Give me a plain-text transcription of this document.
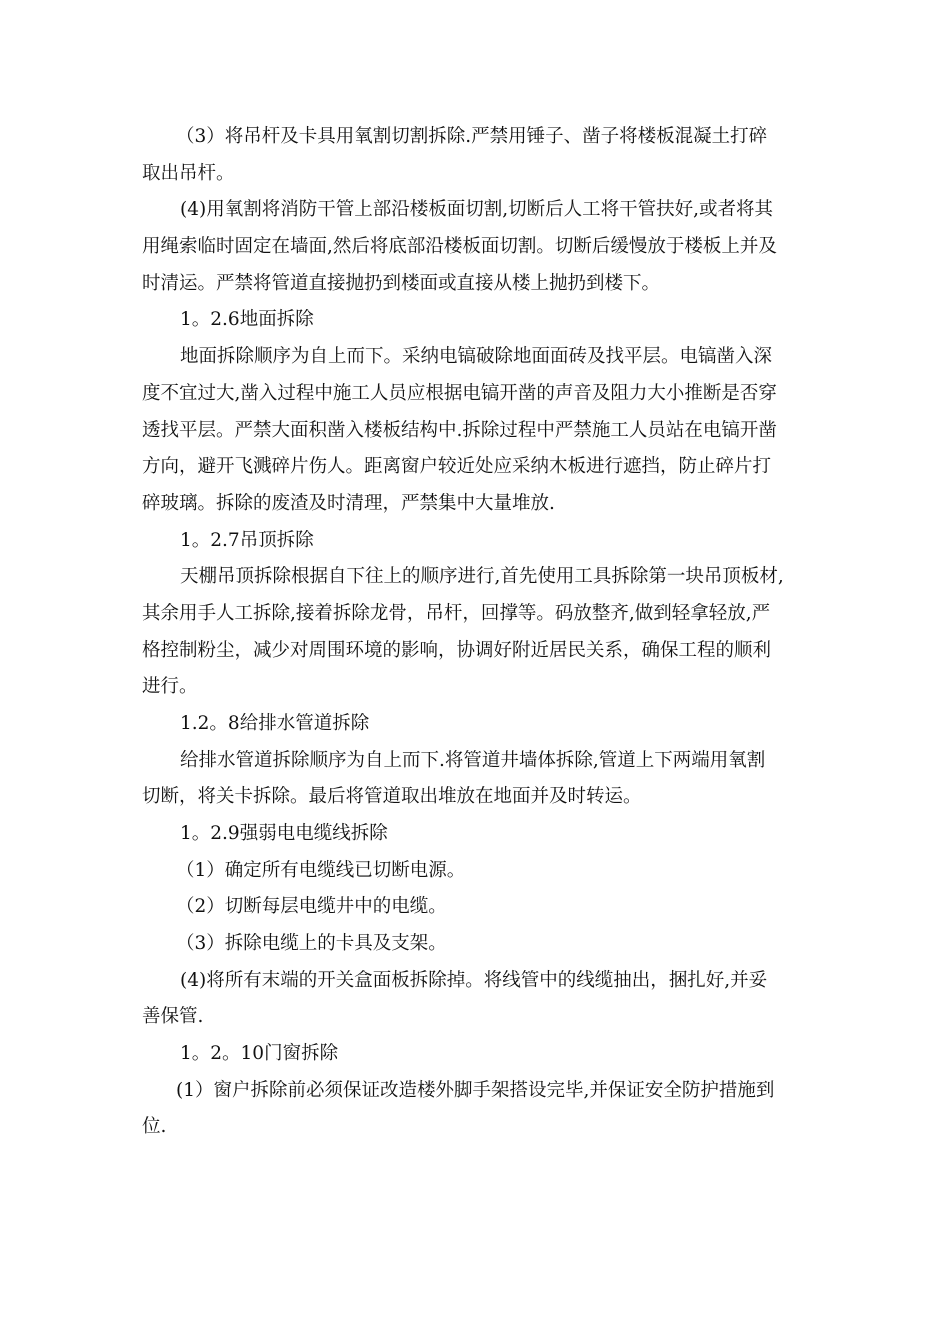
（3）将吊杆及卡具用氧割切割拆除.严禁用锤子、凿子将楼板混凝土打碎
取出吊杆。
(4)用氧割将消防干管上部沿楼板面切割,切断后人工将干管扶好,或者将其
用绳索临时固定在墙面,然后将底部沿楼板面切割。切断后缓慢放于楼板上并及
时清运。严禁将管道直接抛扔到楼面或直接从楼上抛扔到楼下。
1。2.6地面拆除
地面拆除顺序为自上而下。采纳电镐破除地面面砖及找平层。电镐凿入深
度不宜过大,凿入过程中施工人员应根据电镐开凿的声音及阻力大小推断是否穿
透找平层。严禁大面积凿入楼板结构中.拆除过程中严禁施工人员站在电镐开凿
方向，避开飞溅碎片伤人。距离窗户较近处应采纳木板进行遮挡，防止碎片打
碎玻璃。拆除的废渣及时清理，严禁集中大量堆放.
1。2.7吊顶拆除
天棚吊顶拆除根据自下往上的顺序进行,首先使用工具拆除第一块吊顶板材,
其余用手人工拆除,接着拆除龙骨，吊杆，回撑等。码放整齐,做到轻拿轻放,严
格控制粉尘，减少对周围环境的影响，协调好附近居民关系，确保工程的顺利
进行。
1.2。8给排水管道拆除
给排水管道拆除顺序为自上而下.将管道井墙体拆除,管道上下两端用氧割
切断，将关卡拆除。最后将管道取出堆放在地面并及时转运。
1。2.9强弱电电缆线拆除
（1）确定所有电缆线已切断电源。
（2）切断每层电缆井中的电缆。
（3）拆除电缆上的卡具及支架。
(4)将所有末端的开关盒面板拆除掉。将线管中的线缆抽出，捆扎好,并妥
善保管.
1。2。10门窗拆除
(1）窗户拆除前必须保证改造楼外脚手架搭设完毕,并保证安全防护措施到
位.
